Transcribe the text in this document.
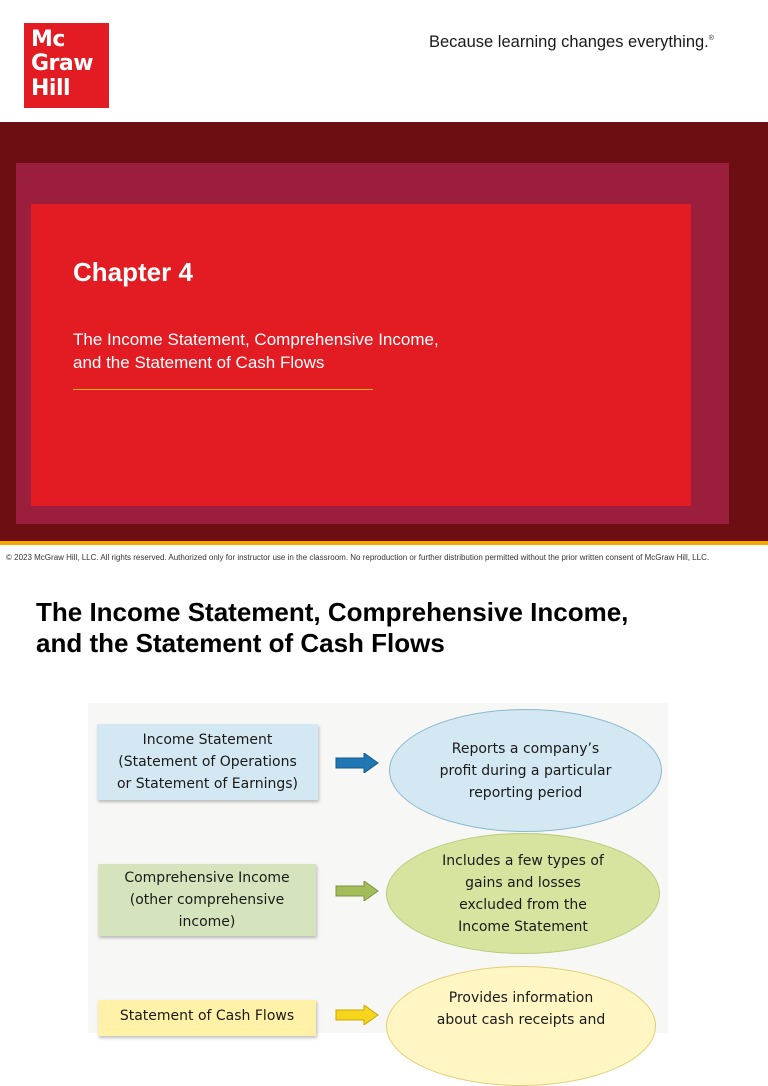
Mc
Graw
Hill
Because learning changes everything.®
Chapter 4
The Income Statement, Comprehensive Income,
and the Statement of Cash Flows
© 2023 McGraw Hill, LLC. All rights reserved. Authorized only for instructor use in the classroom. No reproduction or further distribution permitted without the prior written consent of McGraw Hill, LLC.
The Income Statement, Comprehensive Income,
and the Statement of Cash Flows
Income Statement
(Statement of Operations
or Statement of Earnings)
Reports a company’s
profit during a particular
reporting period
Comprehensive Income
(other comprehensive
income)
Includes a few types of
gains and losses
excluded from the
Income Statement
Statement of Cash Flows
Provides information
about cash receipts and
